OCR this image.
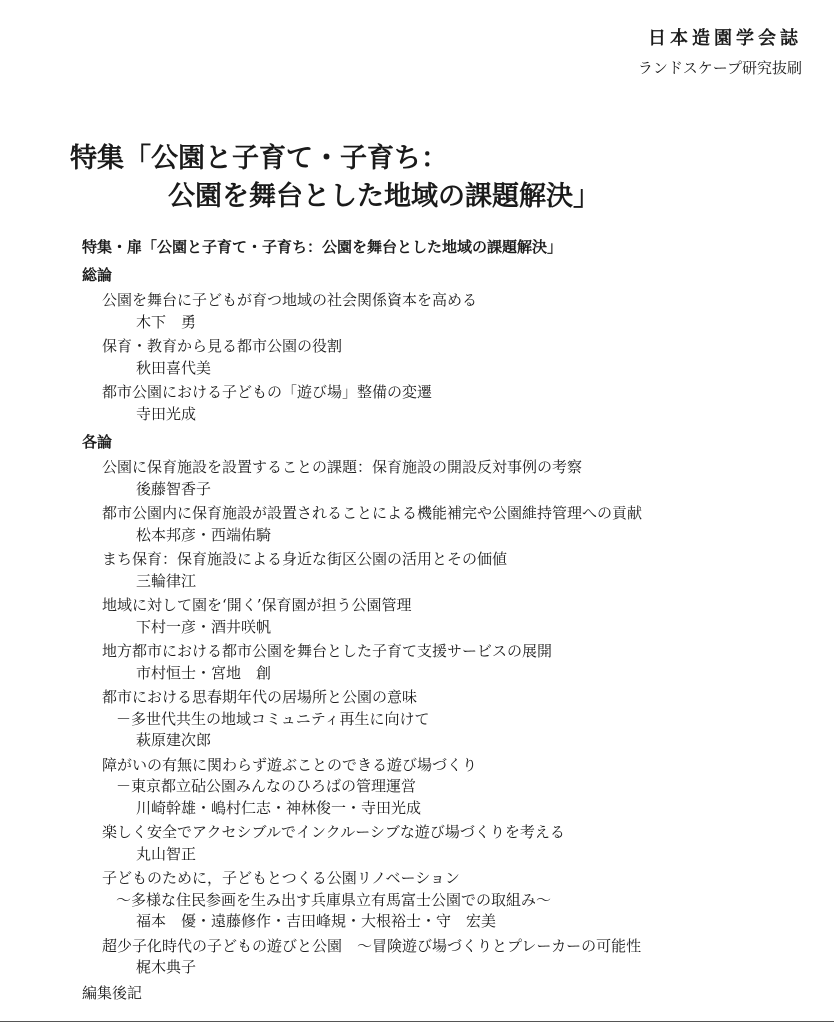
日本造園学会誌
ランドスケープ研究抜刷
特集「公園と子育て・子育ち：
公園を舞台とした地域の課題解決」
特集・扉「公園と子育て・子育ち：公園を舞台とした地域の課題解決」
総論
公園を舞台に子どもが育つ地域の社会関係資本を高める
木下　勇
保育・教育から見る都市公園の役割
秋田喜代美
都市公園における子どもの「遊び場」整備の変遷
寺田光成
各論
公園に保育施設を設置することの課題：保育施設の開設反対事例の考察
後藤智香子
都市公園内に保育施設が設置されることによる機能補完や公園維持管理への貢献
松本邦彦・西端佑騎
まち保育：保育施設による身近な街区公園の活用とその価値
三輪律江
地域に対して園を‘開く’保育園が担う公園管理
下村一彦・酒井咲帆
地方都市における都市公園を舞台とした子育て支援サービスの展開
市村恒士・宮地　創
都市における思春期年代の居場所と公園の意味
－多世代共生の地域コミュニティ再生に向けて
萩原建次郎
障がいの有無に関わらず遊ぶことのできる遊び場づくり
－東京都立砧公園みんなのひろばの管理運営
川崎幹雄・嶋村仁志・神林俊一・寺田光成
楽しく安全でアクセシブルでインクルーシブな遊び場づくりを考える
丸山智正
子どものために，子どもとつくる公園リノベーション
～多様な住民参画を生み出す兵庫県立有馬富士公園での取組み～
福本　優・遠藤修作・吉田峰規・大根裕士・守　宏美
超少子化時代の子どもの遊びと公園　～冒険遊び場づくりとプレーカーの可能性
梶木典子
編集後記
